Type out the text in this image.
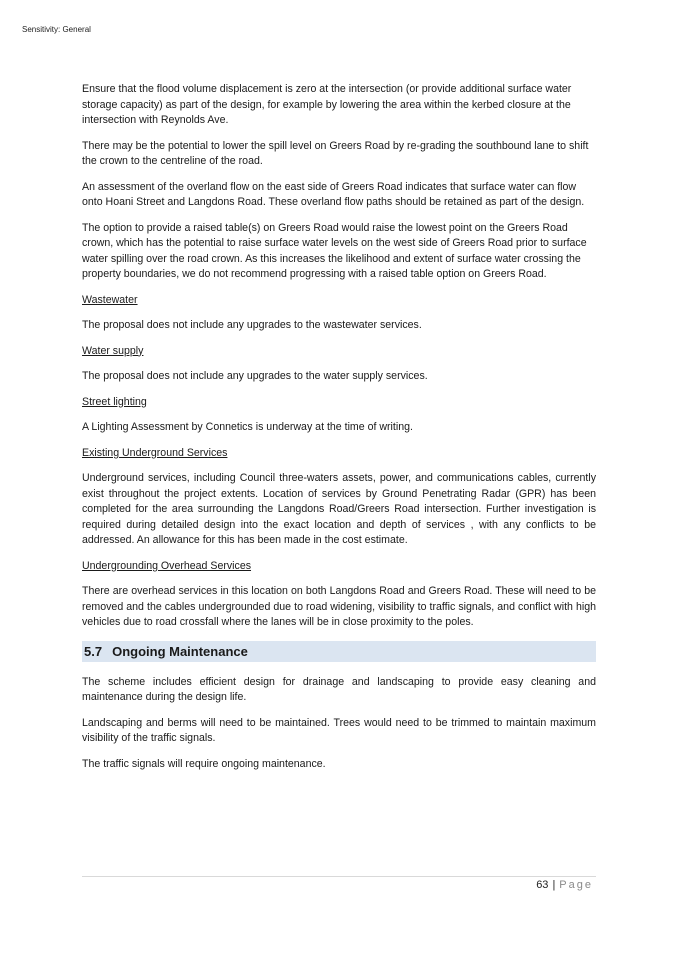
Sensitivity: General

Ensure that the flood volume displacement is zero at the intersection (or provide additional surface water storage capacity) as part of the design, for example by lowering the area within the kerbed closure at the intersection with Reynolds Ave.

There may be the potential to lower the spill level on Greers Road by re-grading the southbound lane to shift the crown to the centreline of the road.

An assessment of the overland flow on the east side of Greers Road indicates that surface water can flow onto Hoani Street and Langdons Road. These overland flow paths should be retained as part of the design.

The option to provide a raised table(s) on Greers Road would raise the lowest point on the Greers Road crown, which has the potential to raise surface water levels on the west side of Greers Road prior to surface water spilling over the road crown. As this increases the likelihood and extent of surface water crossing the property boundaries, we do not recommend progressing with a raised table option on Greers Road.

Wastewater

The proposal does not include any upgrades to the wastewater services.

Water supply

The proposal does not include any upgrades to the water supply services.

Street lighting

A Lighting Assessment by Connetics is underway at the time of writing.

Existing Underground Services

Underground services, including Council three-waters assets, power, and communications cables, currently exist throughout the project extents. Location of services by Ground Penetrating Radar (GPR) has been completed for the area surrounding the Langdons Road/Greers Road intersection. Further investigation is required during detailed design into the exact location and depth of services , with any conflicts to be addressed. An allowance for this has been made in the cost estimate.

Undergrounding Overhead Services

There are overhead services in this location on both Langdons Road and Greers Road. These will need to be removed and the cables undergrounded due to road widening, visibility to traffic signals, and conflict with high vehicles due to road crossfall where the lanes will be in close proximity to the poles.

5.7 Ongoing Maintenance

The scheme includes efficient design for drainage and landscaping to provide easy cleaning and maintenance during the design life.

Landscaping and berms will need to be maintained. Trees would need to be trimmed to maintain maximum visibility of the traffic signals.

The traffic signals will require ongoing maintenance.

63 | Page
